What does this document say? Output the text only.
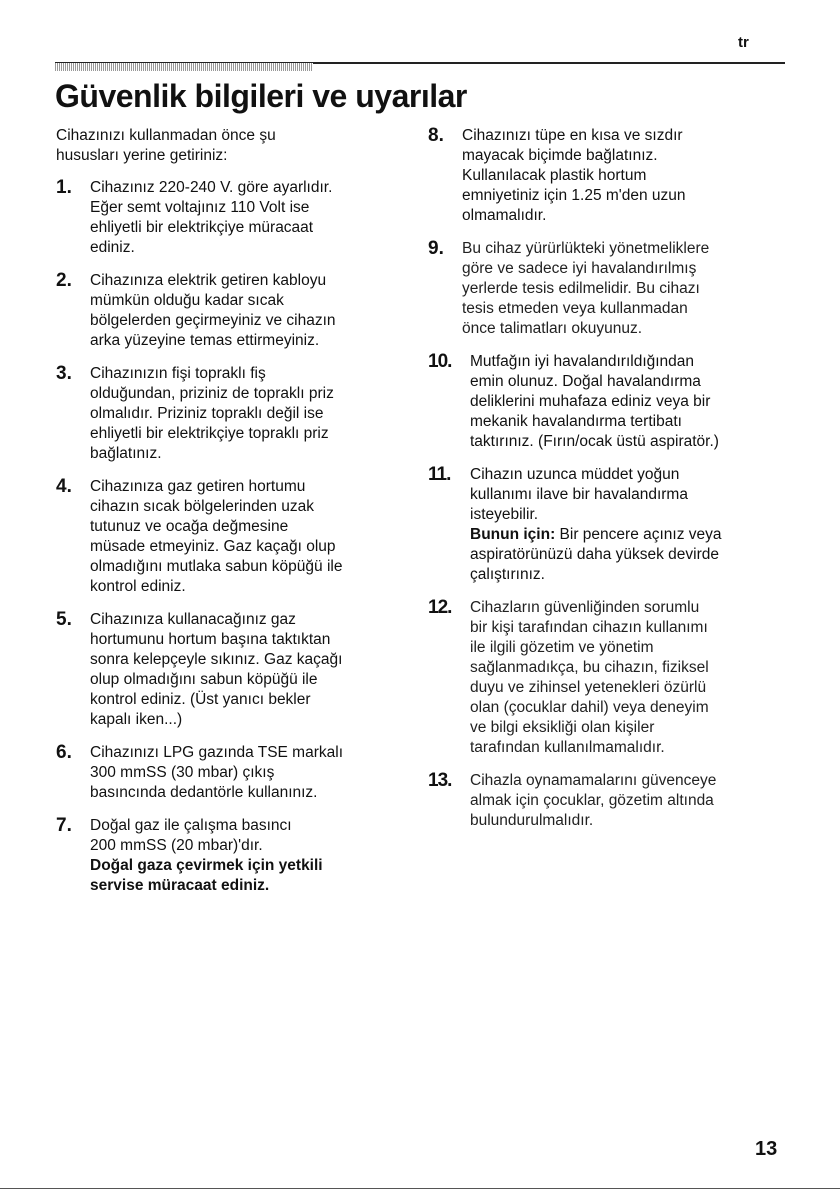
tr
Güvenlik bilgileri ve uyarılar

Cihazınızı kullanmadan önce şu
hususları yerine getiriniz:

1. Cihazınız 220-240 V. göre ayarlıdır.
Eğer semt voltajınız 110 Volt ise
ehliyetli bir elektrikçiye müracaat
ediniz.
2. Cihazınıza elektrik getiren kabloyu
mümkün olduğu kadar sıcak
bölgelerden geçirmeyiniz ve cihazın
arka yüzeyine temas ettirmeyiniz.
3. Cihazınızın fişi topraklı fiş
olduğundan, priziniz de topraklı priz
olmalıdır. Priziniz topraklı değil ise
ehliyetli bir elektrikçiye topraklı priz
bağlatınız.
4. Cihazınıza gaz getiren hortumu
cihazın sıcak bölgelerinden uzak
tutunuz ve ocağa değmesine
müsade etmeyiniz. Gaz kaçağı olup
olmadığını mutlaka sabun köpüğü ile
kontrol ediniz.
5. Cihazınıza kullanacağınız gaz
hortumunu hortum başına taktıktan
sonra kelepçeyle sıkınız. Gaz kaçağı
olup olmadığını sabun köpüğü ile
kontrol ediniz. (Üst yanıcı bekler
kapalı iken...)
6. Cihazınızı LPG gazında TSE markalı
300 mmSS (30 mbar) çıkış
basıncında dedantörle kullanınız.
7. Doğal gaz ile çalışma basıncı
200 mmSS (20 mbar)'dır.
Doğal gaza çevirmek için yetkili
servise müracaat ediniz.
8. Cihazınızı tüpe en kısa ve sızdır
mayacak biçimde bağlatınız.
Kullanılacak plastik hortum
emniyetiniz için 1.25 m'den uzun
olmamalıdır.
9. Bu cihaz yürürlükteki yönetmeliklere
göre ve sadece iyi havalandırılmış
yerlerde tesis edilmelidir. Bu cihazı
tesis etmeden veya kullanmadan
önce talimatları okuyunuz.
10. Mutfağın iyi havalandırıldığından
emin olunuz. Doğal havalandırma
deliklerini muhafaza ediniz veya bir
mekanik havalandırma tertibatı
taktırınız. (Fırın/ocak üstü aspiratör.)
11. Cihazın uzunca müddet yoğun
kullanımı ilave bir havalandırma
isteyebilir.
Bunun için: Bir pencere açınız veya
aspiratörünüzü daha yüksek devirde
çalıştırınız.
12. Cihazların güvenliğinden sorumlu
bir kişi tarafından cihazın kullanımı
ile ilgili gözetim ve yönetim
sağlanmadıkça, bu cihazın, fiziksel
duyu ve zihinsel yetenekleri özürlü
olan (çocuklar dahil) veya deneyim
ve bilgi eksikliği olan kişiler
tarafından kullanılmamalıdır.
13. Cihazla oynamamalarını güvenceye
almak için çocuklar, gözetim altında
bulundurulmalıdır.
13
